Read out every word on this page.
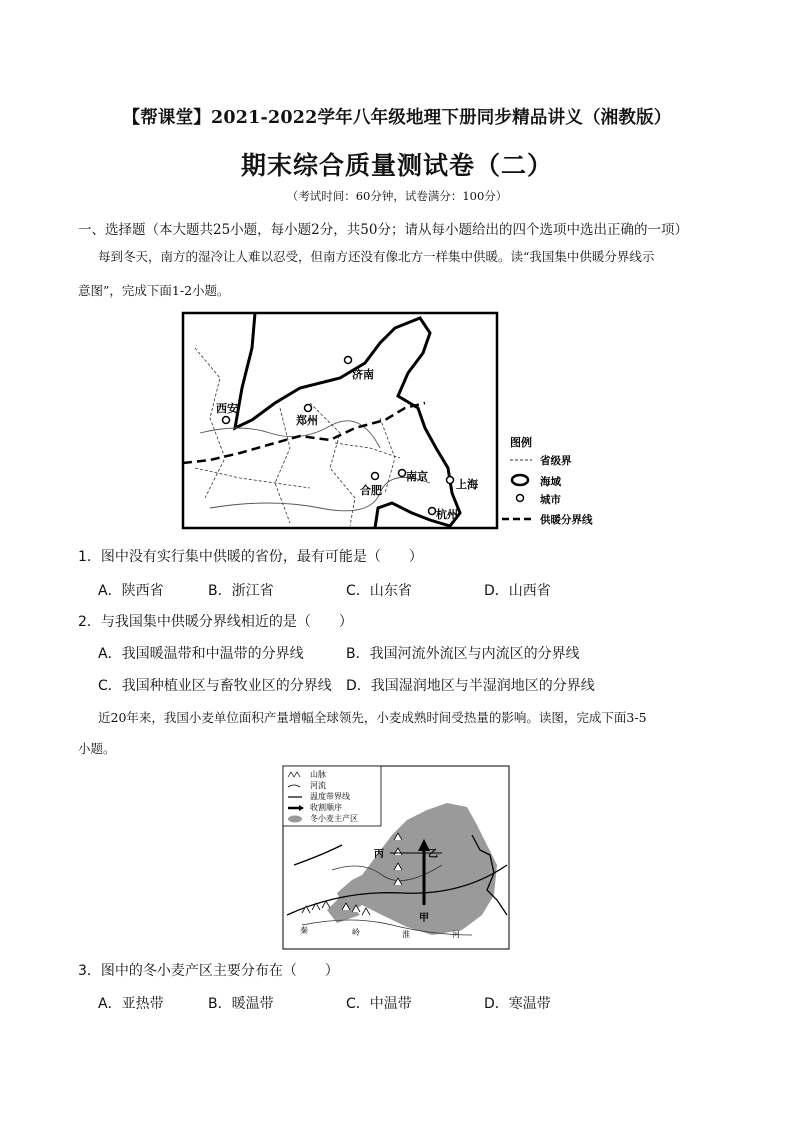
【帮课堂】2021-2022学年八年级地理下册同步精品讲义（湘教版）
期末综合质量测试卷（二）
（考试时间：60分钟，试卷满分：100分）
一、选择题（本大题共25小题，每小题2分，共50分；请从每小题给出的四个选项中选出正确的一项）
每到冬天，南方的湿冷让人难以忍受，但南方还没有像北方一样集中供暖。读“我国集中供暖分界线示
意图”，完成下面1-2小题。
济南
西安
郑州
合肥
南京
上海
杭州
图例
省级界
海域
城市
供暖分界线
1．图中没有实行集中供暖的省份，最有可能是（　　）
A．陕西省	B．浙江省	C．山东省	D．山西省
2．与我国集中供暖分界线相近的是（　　）
A．我国暖温带和中温带的分界线	B．我国河流外流区与内流区的分界线
C．我国种植业区与畜牧业区的分界线 D．我国湿润地区与半湿润地区的分界线
近20年来，我国小麦单位面积产量增幅全球领先，小麦成熟时间受热量的影响。读图，完成下面3-5
小题。
山脉
河流
温度带界线
收割顺序
冬小麦主产区
丙	乙
甲
秦	岭	淮	河
3．图中的冬小麦产区主要分布在（　　）
A．亚热带	B．暖温带	C．中温带	D．寒温带
